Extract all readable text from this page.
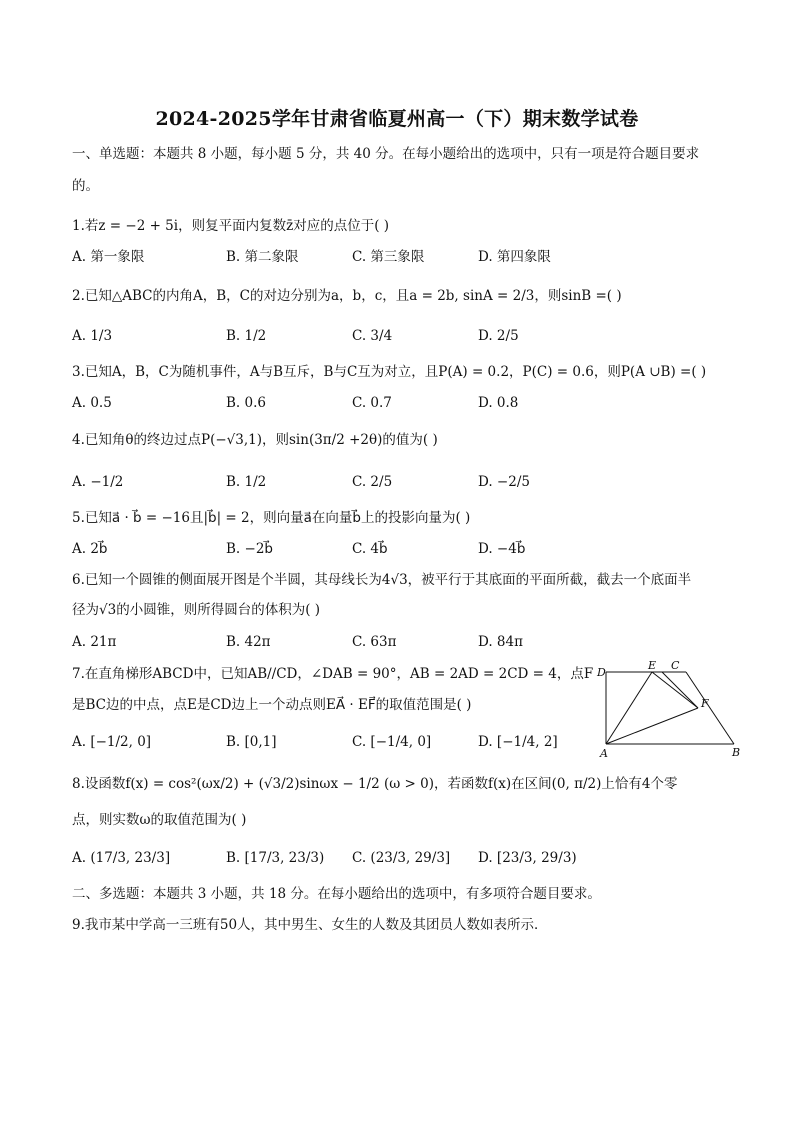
2024-2025学年甘肃省临夏州高一（下）期末数学试卷
一、单选题：本题共 8 小题，每小题 5 分，共 40 分。在每小题给出的选项中，只有一项是符合题目要求
的。
1.若z = −2 + 5i，则复平面内复数z̄对应的点位于( )
A. 第一象限	B. 第二象限	C. 第三象限	D. 第四象限
2.已知△ABC的内角A，B，C的对边分别为a，b，c，且a = 2b, sinA = 2/3，则sinB =( )
A. 1/3	B. 1/2	C. 3/4	D. 2/5
3.已知A，B，C为随机事件，A与B互斥，B与C互为对立，且P(A) = 0.2，P(C) = 0.6，则P(A ∪B) =( )
A. 0.5	B. 0.6	C. 0.7	D. 0.8
4.已知角θ的终边过点P(−√3,1)，则sin(3π/2 +2θ)的值为( )
A. −1/2	B. 1/2	C. 2/5	D. −2/5
5.已知a⃗ · b⃗ = −16且|b⃗| = 2，则向量a⃗在向量b⃗上的投影向量为( )
A. 2b⃗	B. −2b⃗	C. 4b⃗	D. −4b⃗
6.已知一个圆锥的侧面展开图是个半圆，其母线长为4√3，被平行于其底面的平面所截，截去一个底面半
径为√3的小圆锥，则所得圆台的体积为( )
A. 21π	B. 42π	C. 63π	D. 84π
7.在直角梯形ABCD中，已知AB//CD，∠DAB = 90°，AB = 2AD = 2CD = 4，点F
是BC边的中点，点E是CD边上一个动点则EA⃗ · EF⃗的取值范围是( )
A. [−1/2, 0]	B. [0,1]	C. [−1/4, 0]	D. [−1/4, 2]
D
E C
F
A	B
8.设函数f(x) = cos²(ωx/2) + (√3/2)sinωx − 1/2 (ω > 0)，若函数f(x)在区间(0, π/2)上恰有4个零
点，则实数ω的取值范围为( )
A. (17/3, 23/3]	B. [17/3, 23/3) C. (23/3, 29/3] D. [23/3, 29/3)
二、多选题：本题共 3 小题，共 18 分。在每小题给出的选项中，有多项符合题目要求。
9.我市某中学高一三班有50人，其中男生、女生的人数及其团员人数如表所示．
